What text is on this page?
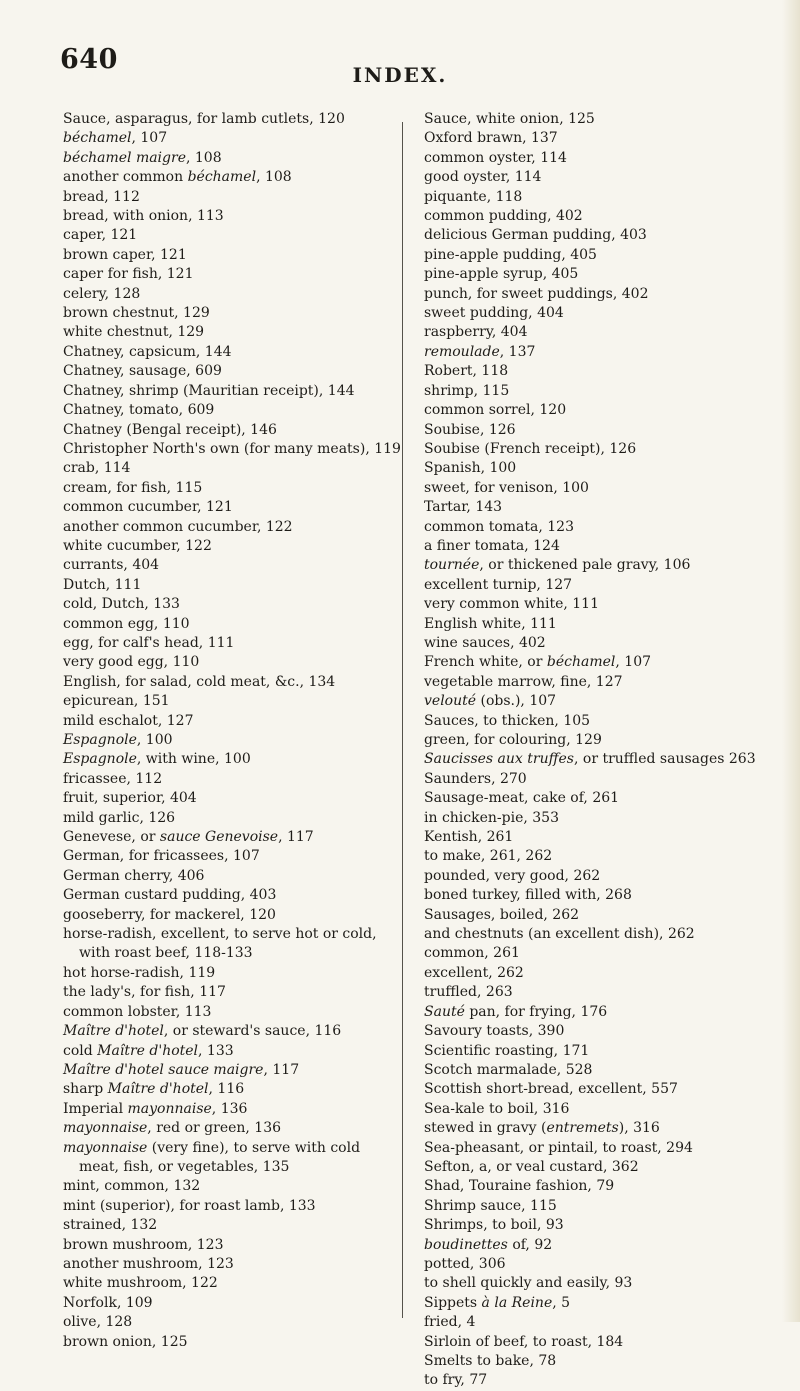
640	INDEX.

Sauce, asparagus, for lamb cutlets, 120

béchamel, 107

béchamel maigre, 108

another common béchamel, 108

bread, 112

bread, with onion, 113

caper, 121

brown caper, 121

caper for fish, 121

celery, 128

brown chestnut, 129

white chestnut, 129

Chatney, capsicum, 144

Chatney, sausage, 609

Chatney, shrimp (Mauritian receipt), 144

Chatney, tomato, 609

Chatney (Bengal receipt), 146

Christopher North's own (for many meats), 119

crab, 114

cream, for fish, 115

common cucumber, 121

another common cucumber, 122

white cucumber, 122

currants, 404

Dutch, 111

cold, Dutch, 133

common egg, 110

egg, for calf's head, 111

very good egg, 110

English, for salad, cold meat, &c., 134

epicurean, 151

mild eschalot, 127

Espagnole, 100

Espagnole, with wine, 100

fricassee, 112

fruit, superior, 404

mild garlic, 126

Genevese, or sauce Genevoise, 117

German, for fricassees, 107

German cherry, 406

German custard pudding, 403

gooseberry, for mackerel, 120

horse-radish, excellent, to serve hot or cold, with roast beef, 118-133

hot horse-radish, 119

the lady's, for fish, 117

common lobster, 113

Maître d'hotel, or steward's sauce, 116

cold Maître d'hotel, 133

Maître d'hotel sauce maigre, 117

sharp Maître d'hotel, 116

Imperial mayonnaise, 136

mayonnaise, red or green, 136

mayonnaise (very fine), to serve with cold meat, fish, or vegetables, 135

mint, common, 132

mint (superior), for roast lamb, 133

strained, 132

brown mushroom, 123

another mushroom, 123

white mushroom, 122

Norfolk, 109

olive, 128

brown onion, 125

Sauce, white onion, 125

Oxford brawn, 137

common oyster, 114

good oyster, 114

piquante, 118

common pudding, 402

delicious German pudding, 403

pine-apple pudding, 405

pine-apple syrup, 405

punch, for sweet puddings, 402

sweet pudding, 404

raspberry, 404

remoulade, 137

Robert, 118

shrimp, 115

common sorrel, 120

Soubise, 126

Soubise (French receipt), 126

Spanish, 100

sweet, for venison, 100

Tartar, 143

common tomata, 123

a finer tomata, 124

tournée, or thickened pale gravy, 106

excellent turnip, 127

very common white, 111

English white, 111

wine sauces, 402

French white, or béchamel, 107

vegetable marrow, fine, 127

velouté (obs.), 107

Sauces, to thicken, 105

green, for colouring, 129

Saucisses aux truffes, or truffled sausages 263

Saunders, 270

Sausage-meat, cake of, 261

in chicken-pie, 353

Kentish, 261

to make, 261, 262

pounded, very good, 262

boned turkey, filled with, 268

Sausages, boiled, 262

and chestnuts (an excellent dish), 262

common, 261

excellent, 262

truffled, 263

Sauté pan, for frying, 176

Savoury toasts, 390

Scientific roasting, 171

Scotch marmalade, 528

Scottish short-bread, excellent, 557

Sea-kale to boil, 316

stewed in gravy (entremets), 316

Sea-pheasant, or pintail, to roast, 294

Sefton, a, or veal custard, 362

Shad, Touraine fashion, 79

Shrimp sauce, 115

Shrimps, to boil, 93

boudinettes of, 92

potted, 306

to shell quickly and easily, 93

Sippets à la Reine, 5

fried, 4

Sirloin of beef, to roast, 184

Smelts to bake, 78

to fry, 77
